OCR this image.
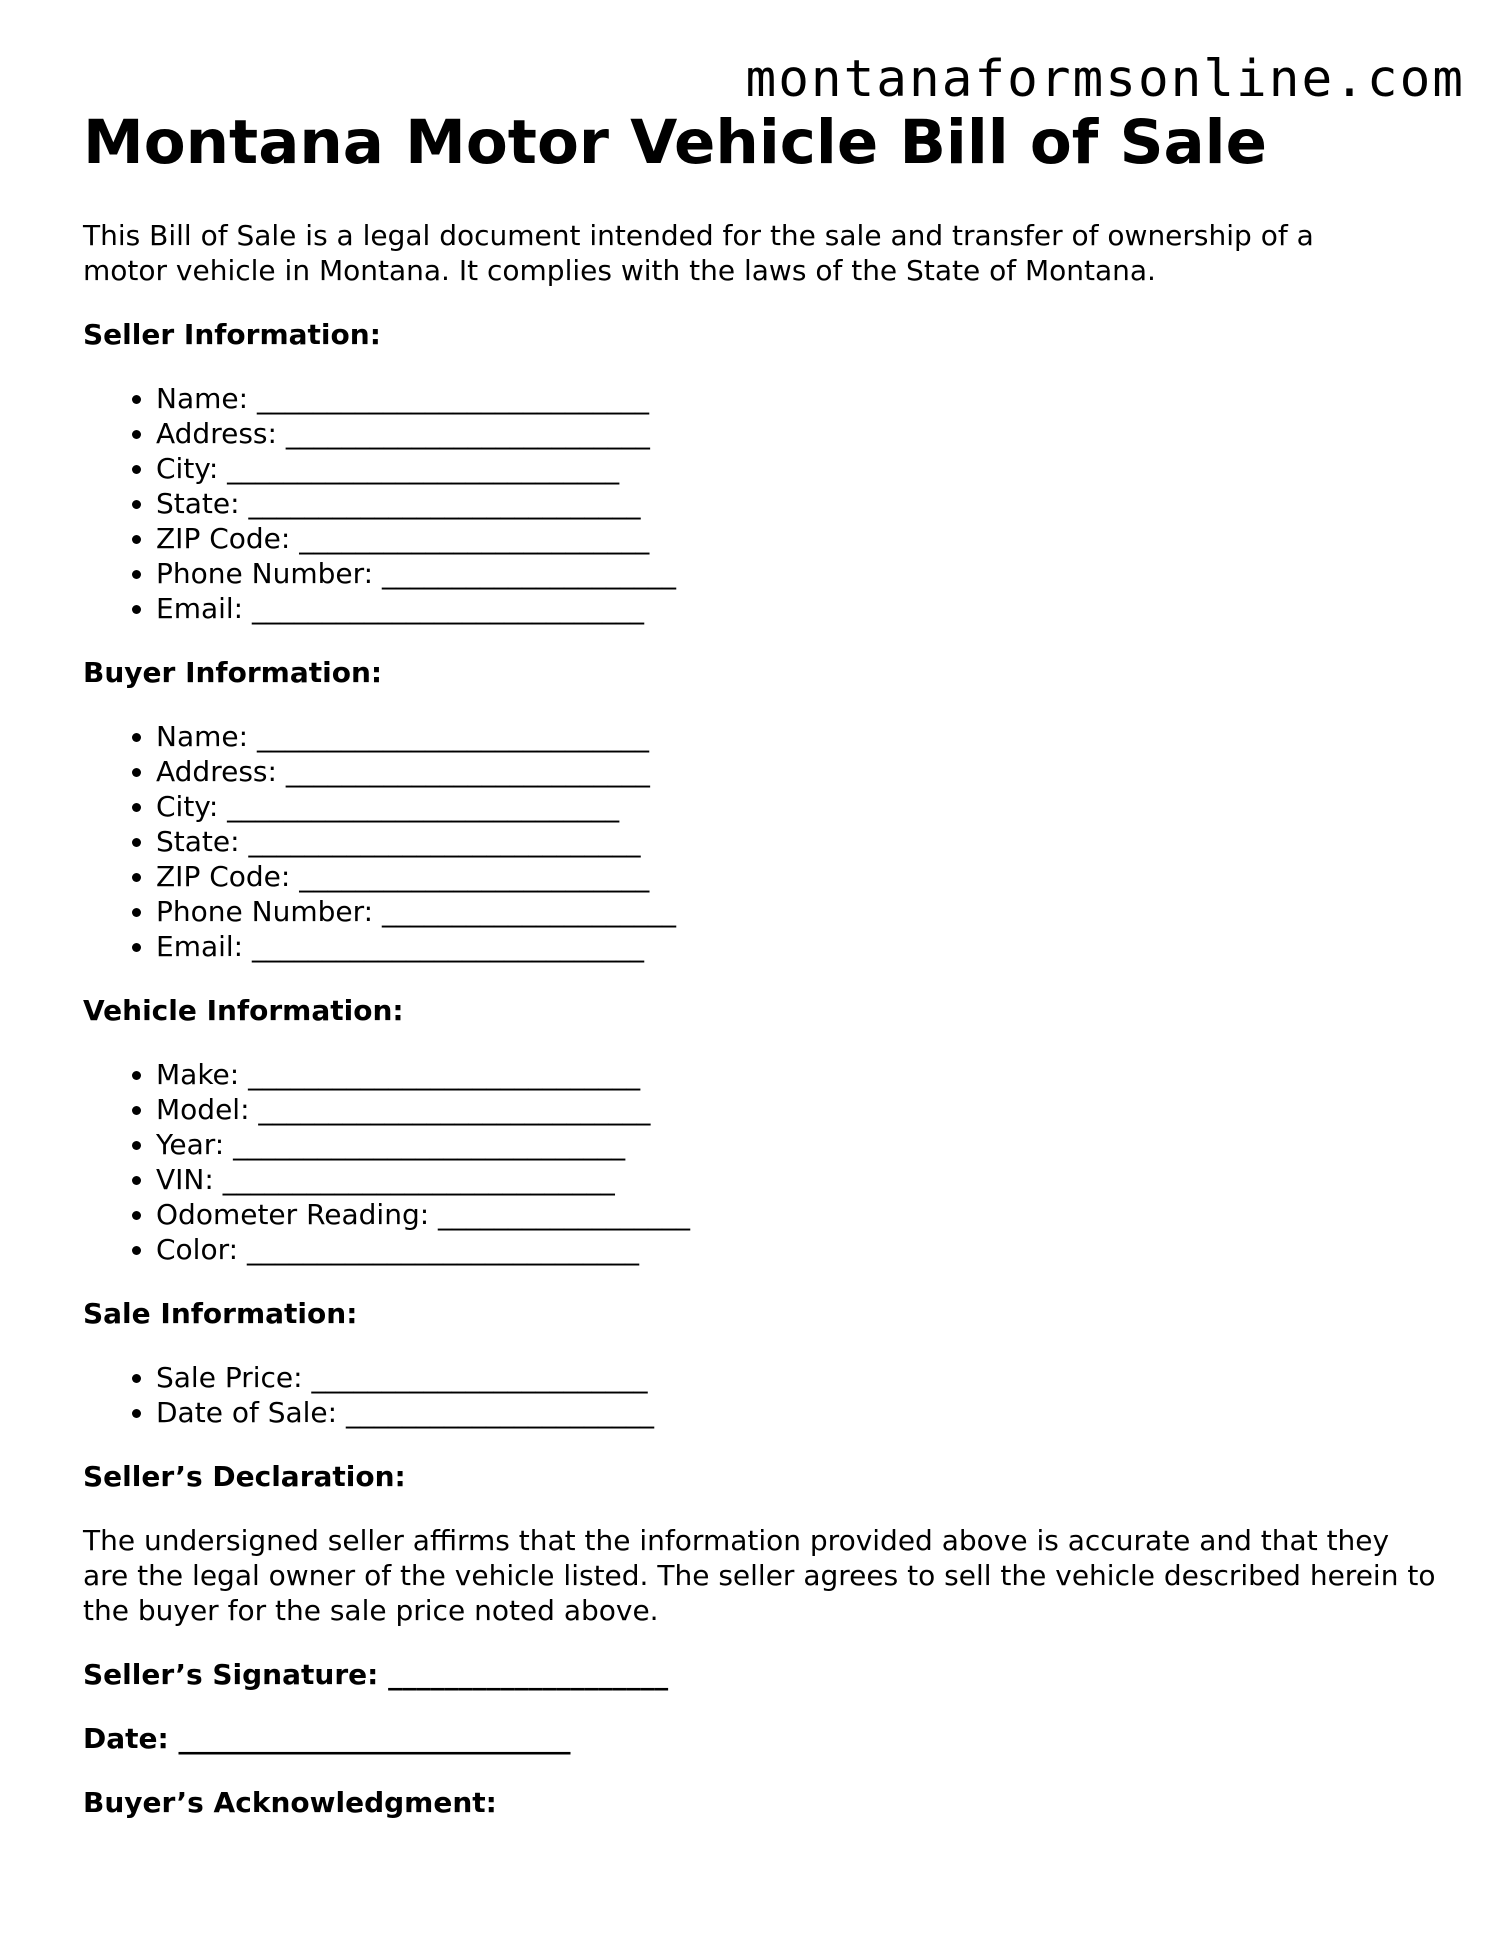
montanaformsonline.com
Montana Motor Vehicle Bill of Sale

This Bill of Sale is a legal document intended for the sale and transfer of ownership of a
motor vehicle in Montana. It complies with the laws of the State of Montana.

Seller Information:
• Name: ____________________________
• Address: __________________________
• City: ____________________________
• State: ____________________________
• ZIP Code: _________________________
• Phone Number: _____________________
• Email: ____________________________
Buyer Information:
• Name: ____________________________
• Address: __________________________
• City: ____________________________
• State: ____________________________
• ZIP Code: _________________________
• Phone Number: _____________________
• Email: ____________________________
Vehicle Information:
• Make: ____________________________
• Model: ____________________________
• Year: ____________________________
• VIN: ____________________________
• Odometer Reading: __________________
• Color: ____________________________
Sale Information:
• Sale Price: ________________________
• Date of Sale: ______________________
Seller’s Declaration:

The undersigned seller affirms that the information provided above is accurate and that they are the legal owner of the vehicle listed. The seller agrees to sell the vehicle described herein to the buyer for the sale price noted above.

Seller’s Signature: ____________________
Date: ____________________________
Buyer’s Acknowledgment:
